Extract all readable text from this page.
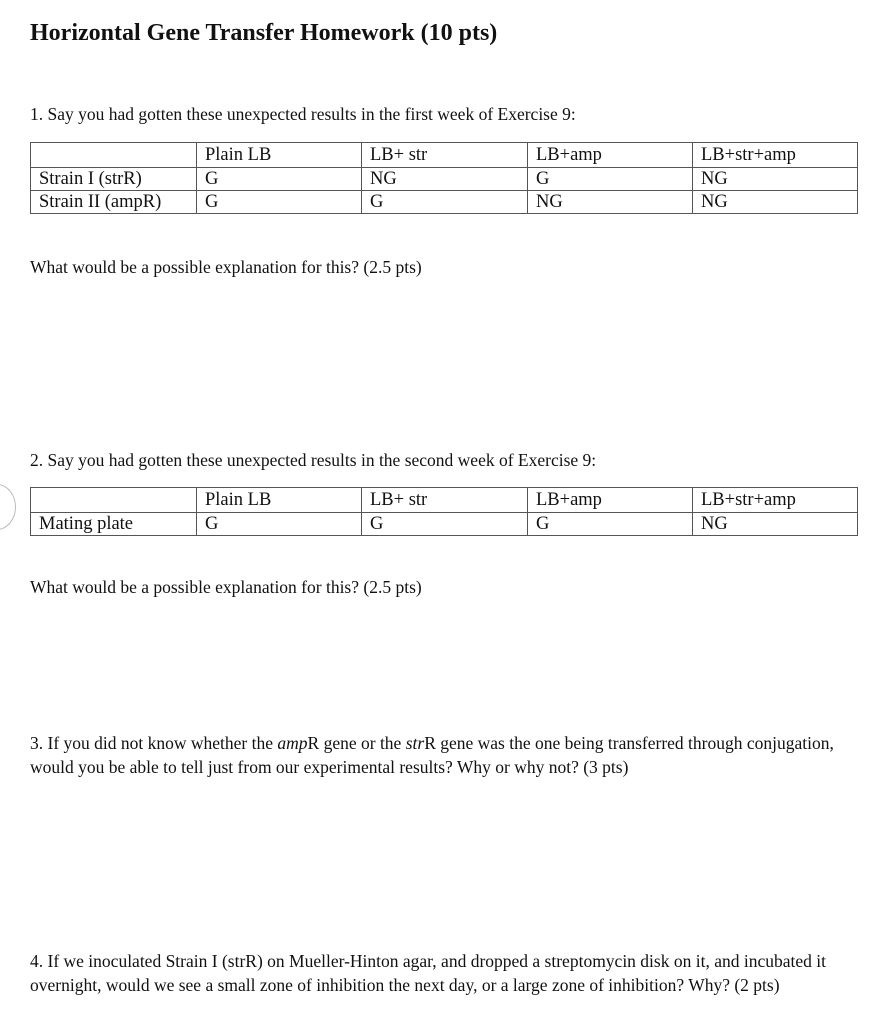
Horizontal Gene Transfer Homework (10 pts)
1. Say you had gotten these unexpected results in the first week of Exercise 9:
	Plain LB	LB+ str	LB+amp	LB+str+amp
Strain I (strR)	G	NG	G	NG
Strain II (ampR)	G	G	NG	NG
What would be a possible explanation for this? (2.5 pts)
2. Say you had gotten these unexpected results in the second week of Exercise 9:
	Plain LB	LB+ str	LB+amp	LB+str+amp
Mating plate	G	G	G	NG
What would be a possible explanation for this? (2.5 pts)
3. If you did not know whether the ampR gene or the strR gene was the one being transferred through conjugation, would you be able to tell just from our experimental results? Why or why not? (3 pts)
4. If we inoculated Strain I (strR) on Mueller-Hinton agar, and dropped a streptomycin disk on it, and incubated it overnight, would we see a small zone of inhibition the next day, or a large zone of inhibition? Why? (2 pts)
